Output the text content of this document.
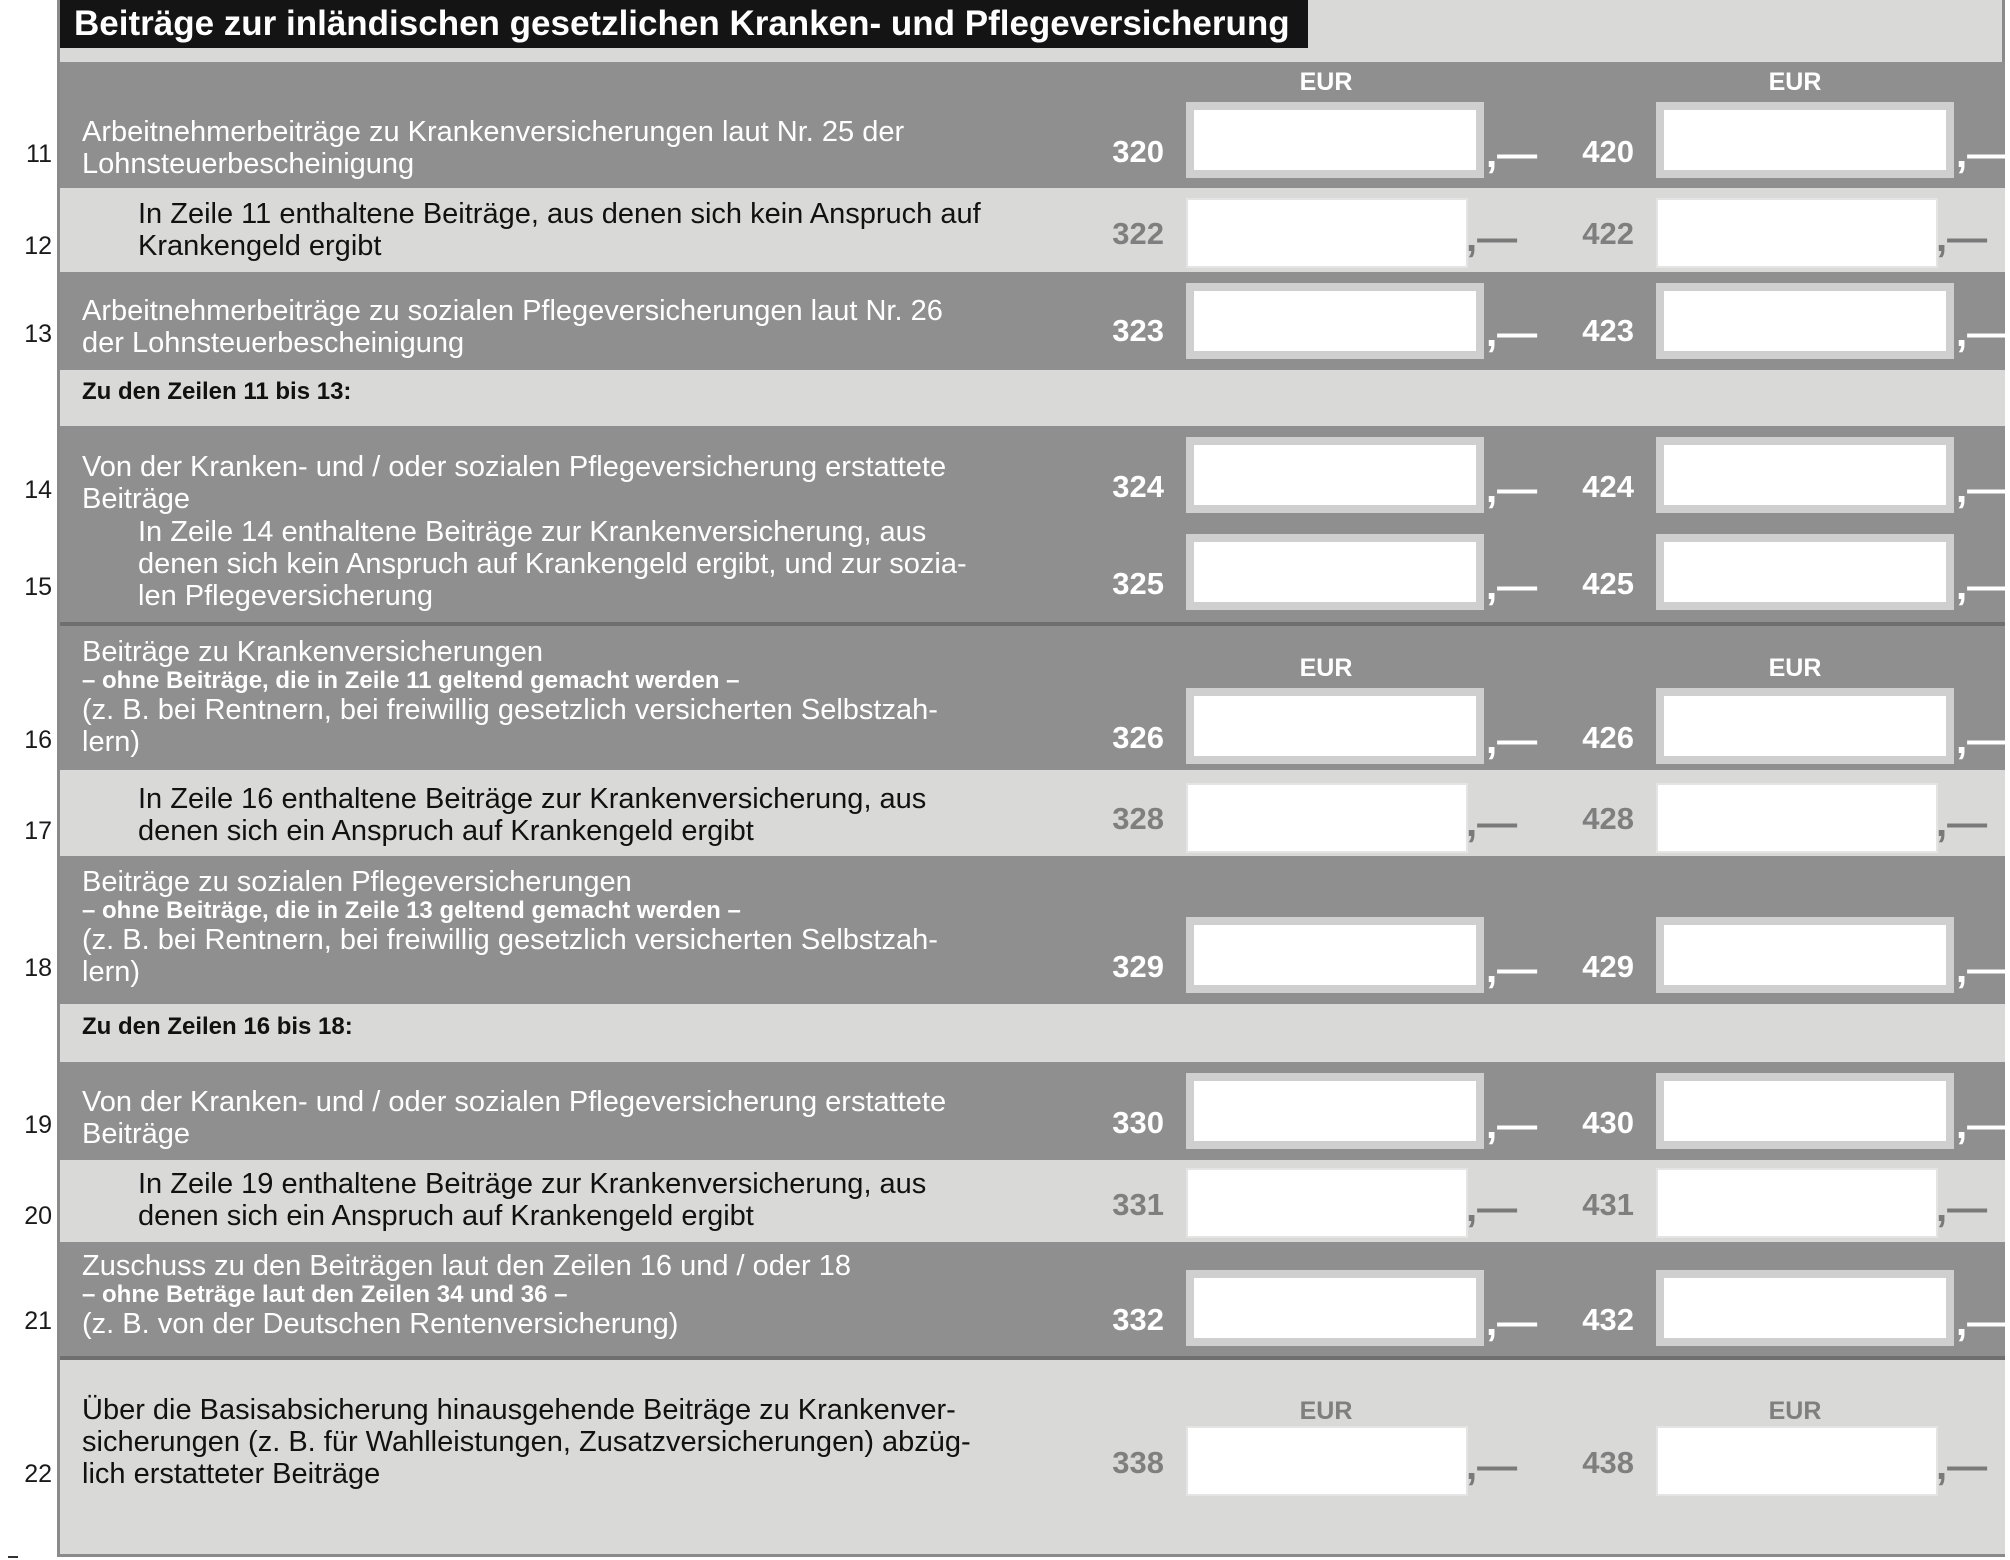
Beiträge zur inländischen gesetzlichen Kranken- und Pflegeversicherung
EUR	EUR
EUR	EUR
EUR	EUR
Zu den Zeilen 11 bis 13:
Zu den Zeilen 16 bis 18:
11
Arbeitnehmerbeiträge zu Krankenversicherungen laut Nr. 25 der
Lohnsteuerbescheinigung	320	,—	420	,—
12
In Zeile 11 enthaltene Beiträge, aus denen sich kein Anspruch auf
Krankengeld ergibt	322	,—	422	,—
13
Arbeitnehmerbeiträge zu sozialen Pflegeversicherungen laut Nr. 26
der Lohnsteuerbescheinigung	323	,—	423	,—
14
Von der Kranken- und / oder sozialen Pflegeversicherung erstattete
Beiträge	324	,—	424	,—
15
In Zeile 14 enthaltene Beiträge zur Krankenversicherung, aus
denen sich kein Anspruch auf Krankengeld ergibt, und zur sozia-
len Pflegeversicherung	325	,—	425	,—
16
Beiträge zu Krankenversicherungen
– ohne Beiträge, die in Zeile 11 geltend gemacht werden –
(z. B. bei Rentnern, bei freiwillig gesetzlich versicherten Selbstzah-
lern)	326	,—	426	,—
17
In Zeile 16 enthaltene Beiträge zur Krankenversicherung, aus
denen sich ein Anspruch auf Krankengeld ergibt	328	,—	428	,—
18
Beiträge zu sozialen Pflegeversicherungen
– ohne Beiträge, die in Zeile 13 geltend gemacht werden –
(z. B. bei Rentnern, bei freiwillig gesetzlich versicherten Selbstzah-
lern)	329	,—	429	,—
19
Von der Kranken- und / oder sozialen Pflegeversicherung erstattete
Beiträge	330	,—	430	,—
20
In Zeile 19 enthaltene Beiträge zur Krankenversicherung, aus
denen sich ein Anspruch auf Krankengeld ergibt	331	,—	431	,—
21
Zuschuss zu den Beiträgen laut den Zeilen 16 und / oder 18
– ohne Beträge laut den Zeilen 34 und 36 –
(z. B. von der Deutschen Rentenversicherung)	332	,—	432	,—
22
Über die Basisabsicherung hinausgehende Beiträge zu Krankenver-
sicherungen (z. B. für Wahlleistungen, Zusatzversicherungen) abzüg-
lich erstatteter Beiträge	338	,—	438	,—
